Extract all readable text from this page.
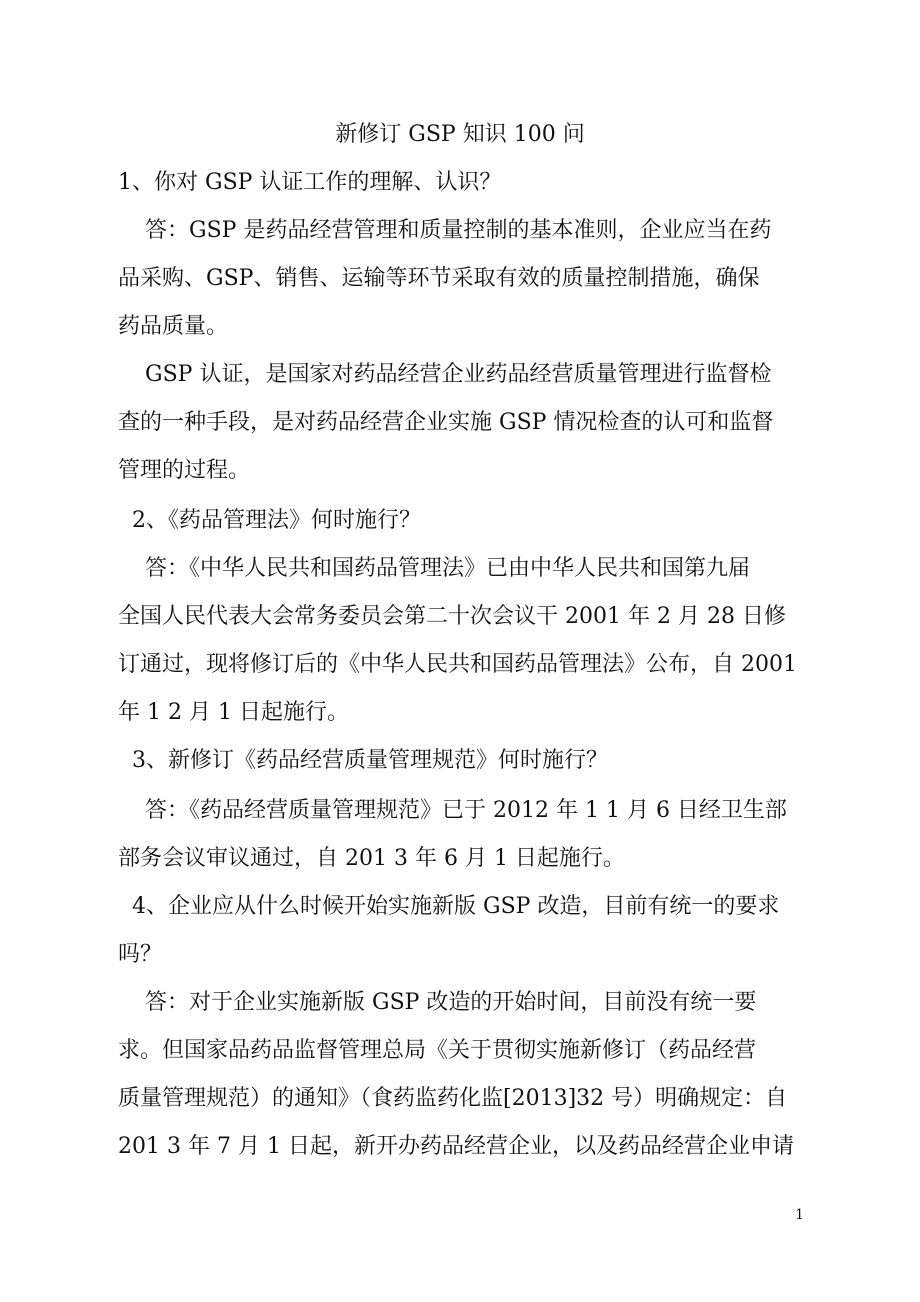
新修订 GSP 知识 100 问
1、你对 GSP 认证工作的理解、认识？
答：GSP 是药品经营管理和质量控制的基本准则，企业应当在药
品采购、GSP、销售、运输等环节采取有效的质量控制措施，确保
药品质量。
GSP 认证，是国家对药品经营企业药品经营质量管理进行监督检
查的一种手段，是对药品经营企业实施 GSP 情况检查的认可和监督
管理的过程。
2、《药品管理法》何时施行？
答：《中华人民共和国药品管理法》已由中华人民共和国第九届
全国人民代表大会常务委员会第二十次会议干 2001 年 2 月 28 日修
订通过，现将修订后的《中华人民共和国药品管理法》公布，自 2001
年 1 2 月 1 日起施行。
3、新修订《药品经营质量管理规范》何时施行？
答：《药品经营质量管理规范》已于 2012 年 1 1 月 6 日经卫生部
部务会议审议通过，自 201 3 年 6 月 1 日起施行。
4、企业应从什么时候开始实施新版 GSP 改造，目前有统一的要求
吗？
答：对于企业实施新版 GSP 改造的开始时间，目前没有统一要
求。但国家品药品监督管理总局《关于贯彻实施新修订（药品经营
质量管理规范）的通知》（食药监药化监[2013]32 号）明确规定：自
201 3 年 7 月 1 日起，新开办药品经营企业，以及药品经营企业申请
1
